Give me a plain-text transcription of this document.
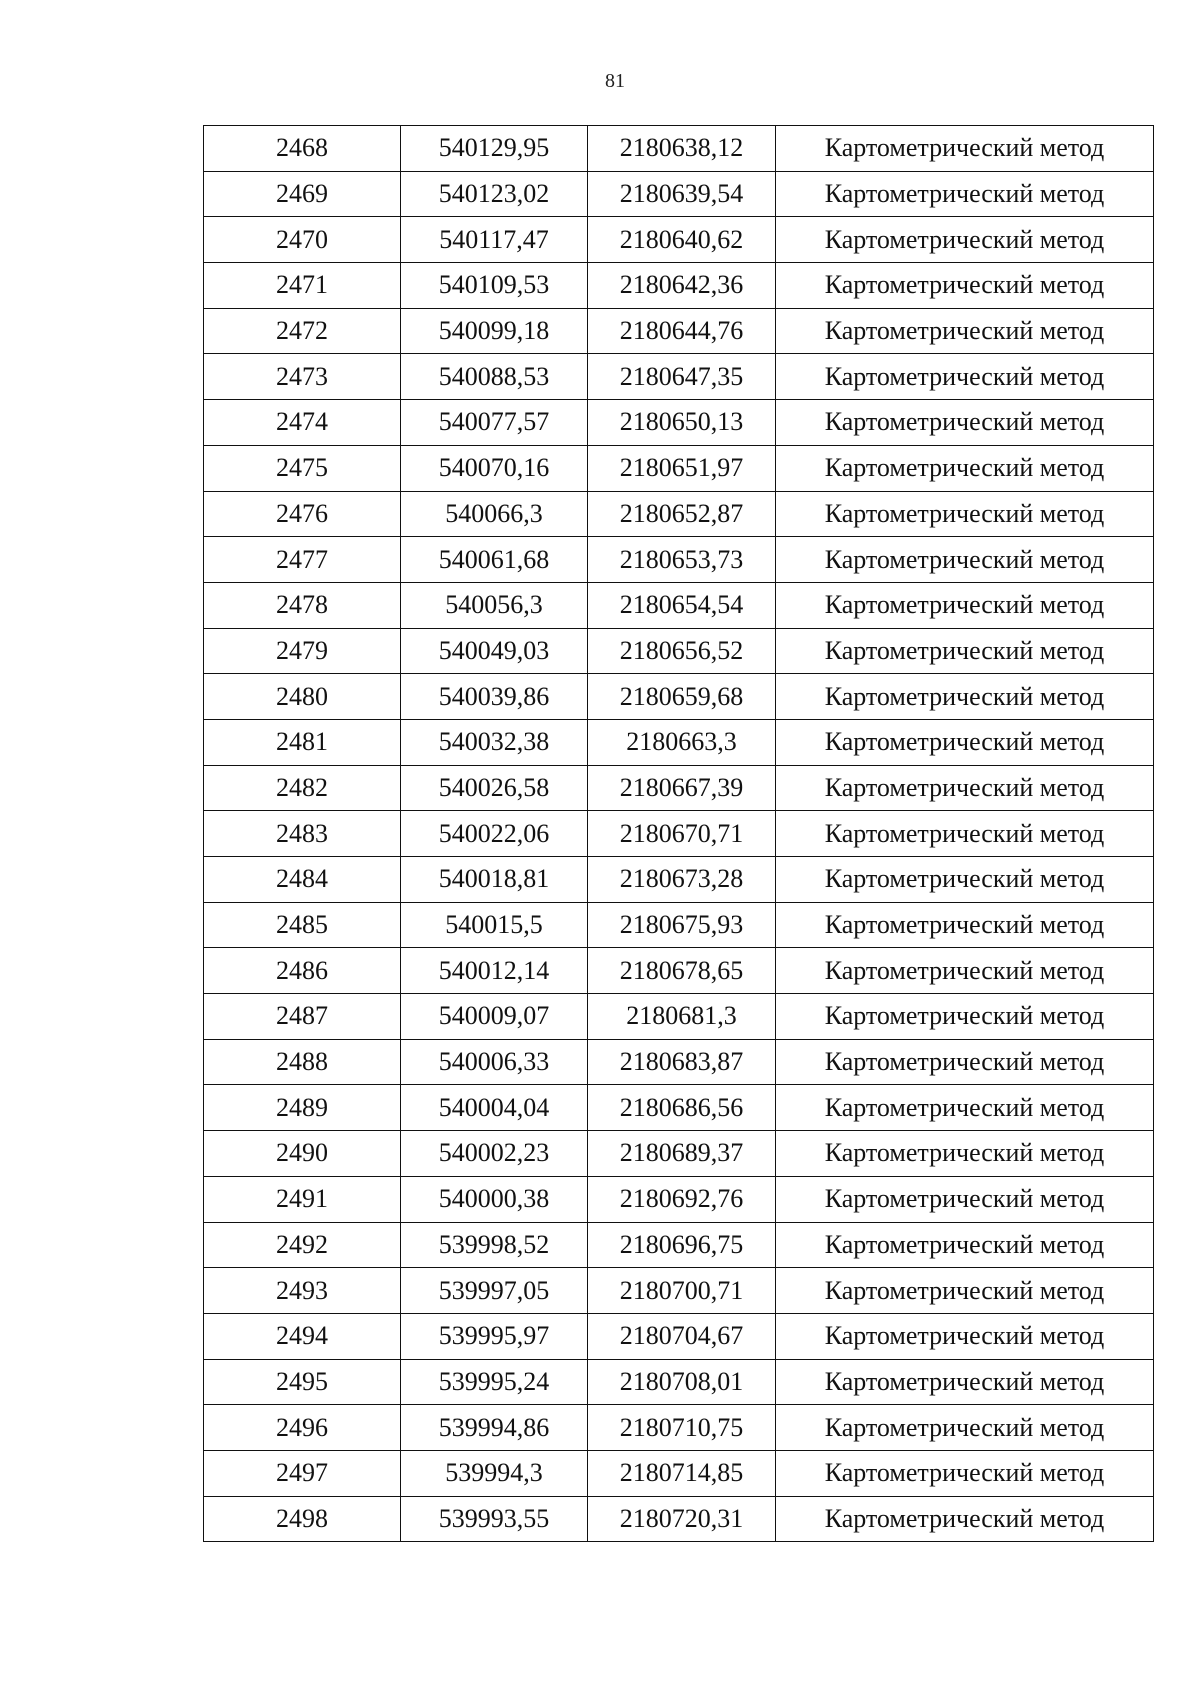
81
2468	540129,95	2180638,12	Картометрический метод
2469	540123,02	2180639,54	Картометрический метод
2470	540117,47	2180640,62	Картометрический метод
2471	540109,53	2180642,36	Картометрический метод
2472	540099,18	2180644,76	Картометрический метод
2473	540088,53	2180647,35	Картометрический метод
2474	540077,57	2180650,13	Картометрический метод
2475	540070,16	2180651,97	Картометрический метод
2476	540066,3	2180652,87	Картометрический метод
2477	540061,68	2180653,73	Картометрический метод
2478	540056,3	2180654,54	Картометрический метод
2479	540049,03	2180656,52	Картометрический метод
2480	540039,86	2180659,68	Картометрический метод
2481	540032,38	2180663,3	Картометрический метод
2482	540026,58	2180667,39	Картометрический метод
2483	540022,06	2180670,71	Картометрический метод
2484	540018,81	2180673,28	Картометрический метод
2485	540015,5	2180675,93	Картометрический метод
2486	540012,14	2180678,65	Картометрический метод
2487	540009,07	2180681,3	Картометрический метод
2488	540006,33	2180683,87	Картометрический метод
2489	540004,04	2180686,56	Картометрический метод
2490	540002,23	2180689,37	Картометрический метод
2491	540000,38	2180692,76	Картометрический метод
2492	539998,52	2180696,75	Картометрический метод
2493	539997,05	2180700,71	Картометрический метод
2494	539995,97	2180704,67	Картометрический метод
2495	539995,24	2180708,01	Картометрический метод
2496	539994,86	2180710,75	Картометрический метод
2497	539994,3	2180714,85	Картометрический метод
2498	539993,55	2180720,31	Картометрический метод
